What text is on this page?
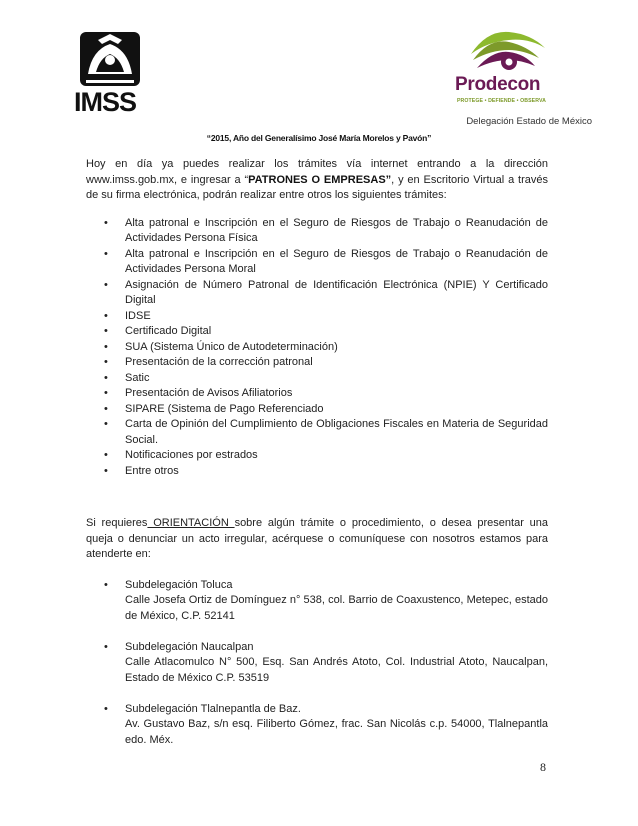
IMSS
Prodecon
PROTEGE • DEFIENDE • OBSERVA
Delegación Estado de México
“2015, Año del Generalísimo José María Morelos y Pavón”

Hoy en día ya puedes realizar los trámites vía internet entrando a la dirección www.imss.gob.mx, e ingresar a “PATRONES O EMPRESAS”, y en Escritorio Virtual a través de su firma electrónica, podrán realizar entre otros los siguientes trámites:

• Alta patronal e Inscripción en el Seguro de Riesgos de Trabajo o Reanudación de Actividades Persona Física
• Alta patronal e Inscripción en el Seguro de Riesgos de Trabajo o Reanudación de Actividades Persona Moral
• Asignación de Número Patronal de Identificación Electrónica (NPIE) Y Certificado Digital
• IDSE
• Certificado Digital
• SUA (Sistema Único de Autodeterminación)
• Presentación de la corrección patronal
• Satic
• Presentación de Avisos Afiliatorios
• SIPARE (Sistema de Pago Referenciado
• Carta de Opinión del Cumplimiento de Obligaciones Fiscales en Materia de Seguridad Social.
• Notificaciones por estrados
• Entre otros

Si requieres ORIENTACIÓN sobre algún trámite o procedimiento, o desea presentar una queja o denunciar un acto irregular, acérquese o comuníquese con nosotros estamos para atenderte en:

• Subdelegación Toluca
Calle Josefa Ortiz de Domínguez n° 538, col. Barrio de Coaxustenco, Metepec, estado de México, C.P. 52141
• Subdelegación Naucalpan
Calle Atlacomulco N° 500, Esq. San Andrés Atoto, Col. Industrial Atoto, Naucalpan, Estado de México C.P. 53519
• Subdelegación Tlalnepantla de Baz.
Av. Gustavo Baz, s/n esq. Filiberto Gómez, frac. San Nicolás c.p. 54000, Tlalnepantla edo. Méx.
8
